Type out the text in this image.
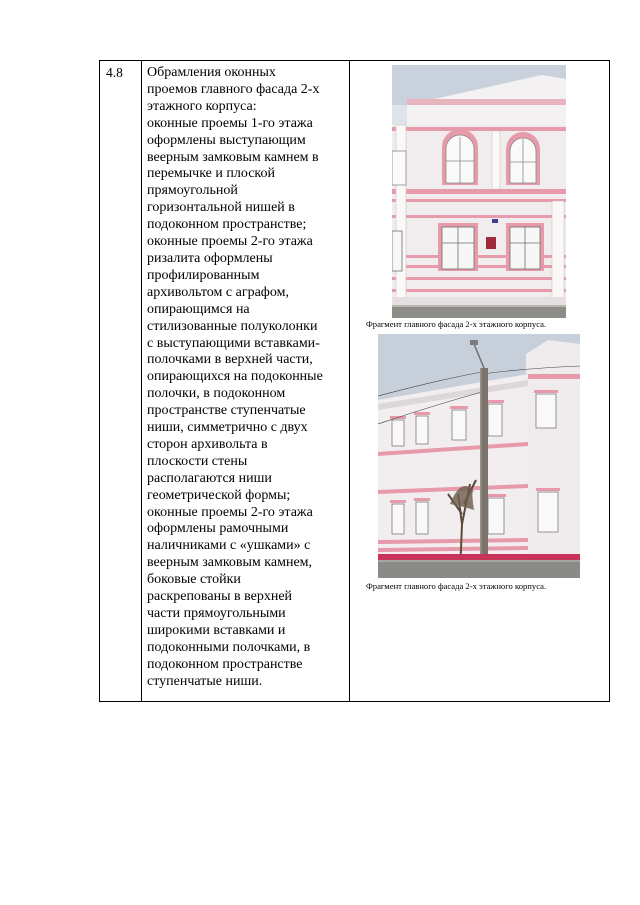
4.8	Обрамления оконных
проемов главного фасада 2-х
этажного корпуса:
оконные проемы 1-го этажа
оформлены выступающим
веерным замковым камнем в
перемычке и плоской
прямоугольной
горизонтальной нишей в
подоконном пространстве;
оконные проемы 2-го этажа
ризалита оформлены
профилированным
архивольтом с аграфом,
опирающимся на
стилизованные полуколонки
с выступающими вставками-
полочками в верхней части,
опирающихся на подоконные
полочки, в подоконном
пространстве ступенчатые
ниши, симметрично с двух
сторон архивольта в
плоскости стены
располагаются ниши
геометрической формы;
оконные проемы 2-го этажа
оформлены рамочными
наличниками с «ушками» с
веерным замковым камнем,
боковые стойки
раскрепованы в верхней
части прямоугольными
широкими вставками и
подоконными полочками, в
подоконном пространстве
ступенчатые ниши.

Фрагмент главного фасада 2-х этажного корпуса.
Фрагмент главного фасада 2-х этажного корпуса.
